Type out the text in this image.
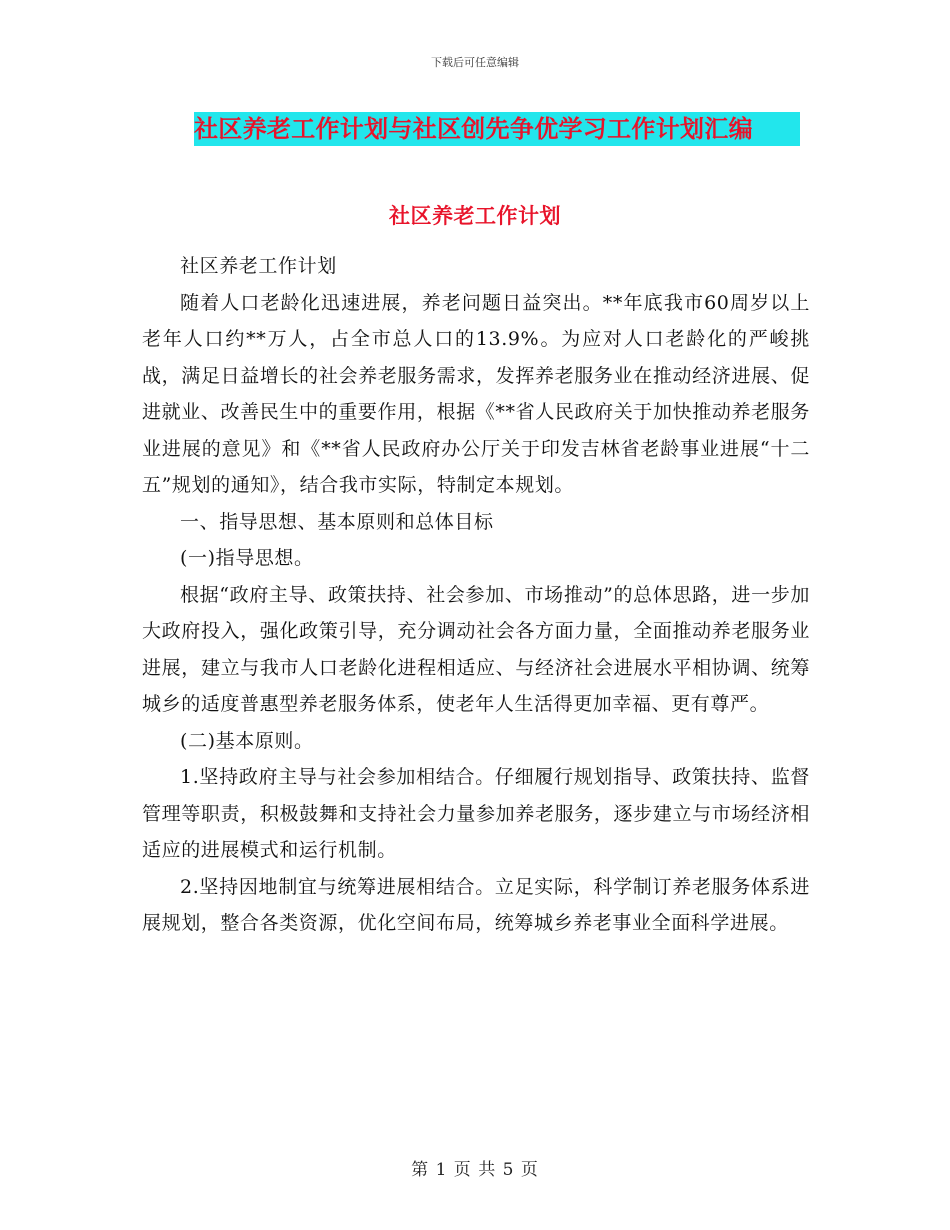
下载后可任意编辑
社区养老工作计划与社区创先争优学习工作计划汇编
社区养老工作计划

社区养老工作计划

随着人口老龄化迅速进展，养老问题日益突出。**年底我市60周岁以上老年人口约**万人，占全市总人口的13.9%。为应对人口老龄化的严峻挑战，满足日益增长的社会养老服务需求，发挥养老服务业在推动经济进展、促进就业、改善民生中的重要作用，根据《**省人民政府关于加快推动养老服务业进展的意见》和《**省人民政府办公厅关于印发吉林省老龄事业进展“十二五”规划的通知》，结合我市实际，特制定本规划。

一、指导思想、基本原则和总体目标

(一)指导思想。

根据“政府主导、政策扶持、社会参加、市场推动”的总体思路，进一步加大政府投入，强化政策引导，充分调动社会各方面力量，全面推动养老服务业进展，建立与我市人口老龄化进程相适应、与经济社会进展水平相协调、统筹城乡的适度普惠型养老服务体系，使老年人生活得更加幸福、更有尊严。

(二)基本原则。

1.坚持政府主导与社会参加相结合。仔细履行规划指导、政策扶持、监督管理等职责，积极鼓舞和支持社会力量参加养老服务，逐步建立与市场经济相适应的进展模式和运行机制。

2.坚持因地制宜与统筹进展相结合。立足实际，科学制订养老服务体系进展规划，整合各类资源，优化空间布局，统筹城乡养老事业全面科学进展。

第 1 页 共 5 页
